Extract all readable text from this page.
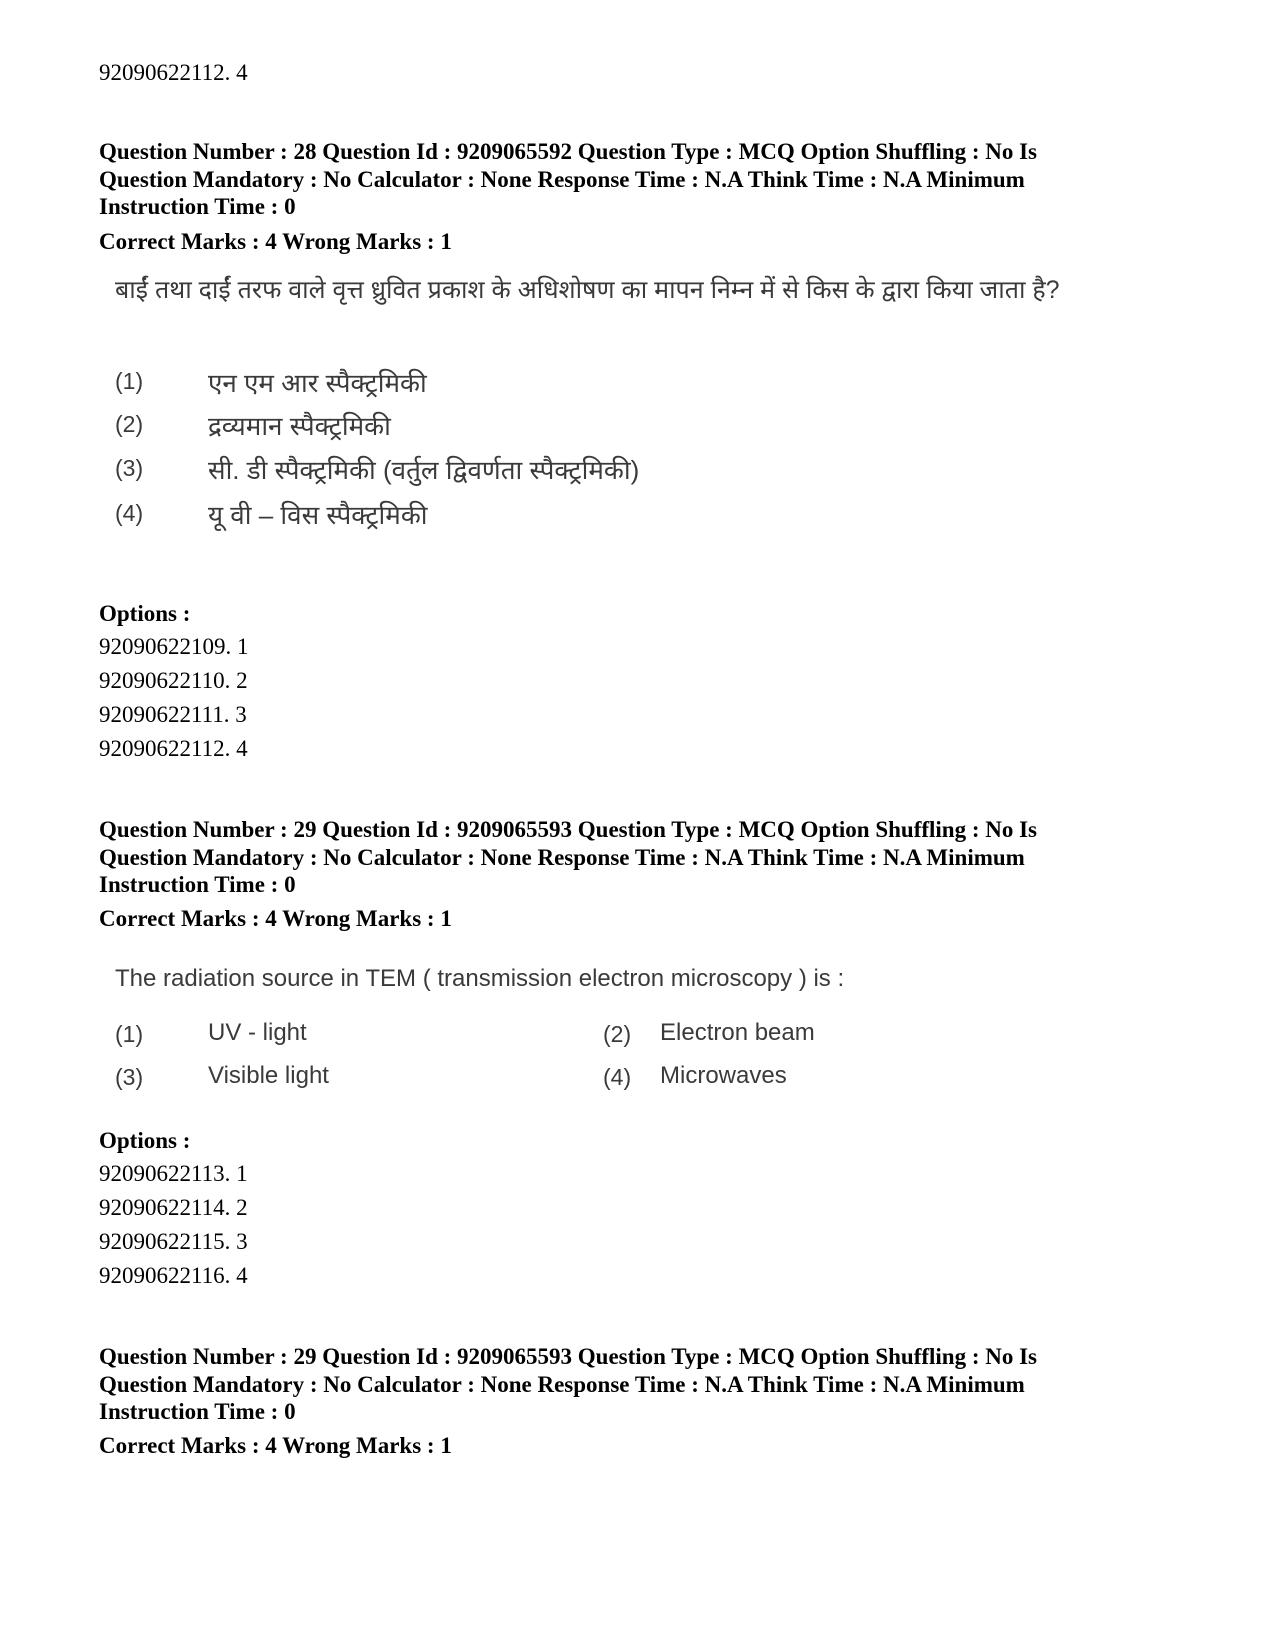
92090622112. 4
Question Number : 28 Question Id : 9209065592 Question Type : MCQ Option Shuffling : No Is Question Mandatory : No Calculator : None Response Time : N.A Think Time : N.A Minimum Instruction Time : 0
Correct Marks : 4 Wrong Marks : 1
बाईं तथा दाईं तरफ वाले वृत्त ध्रुवित प्रकाश के अधिशोषण का मापन निम्न में से किस के द्वारा किया जाता है?
(1) एन एम आर स्पैक्ट्रमिकी
(2) द्रव्यमान स्पैक्ट्रमिकी
(3) सी. डी स्पैक्ट्रमिकी (वर्तुल द्विवर्णता स्पैक्ट्रमिकी)
(4) यू वी – विस स्पैक्ट्रमिकी
Options :
92090622109. 1
92090622110. 2
92090622111. 3
92090622112. 4
Question Number : 29 Question Id : 9209065593 Question Type : MCQ Option Shuffling : No Is Question Mandatory : No Calculator : None Response Time : N.A Think Time : N.A Minimum Instruction Time : 0
Correct Marks : 4 Wrong Marks : 1
The radiation source in TEM ( transmission electron microscopy ) is :
(1)	UV - light	(2) Electron beam
(3)	Visible light	(4) Microwaves
Options :
92090622113. 1
92090622114. 2
92090622115. 3
92090622116. 4
Question Number : 29 Question Id : 9209065593 Question Type : MCQ Option Shuffling : No Is Question Mandatory : No Calculator : None Response Time : N.A Think Time : N.A Minimum Instruction Time : 0
Correct Marks : 4 Wrong Marks : 1
